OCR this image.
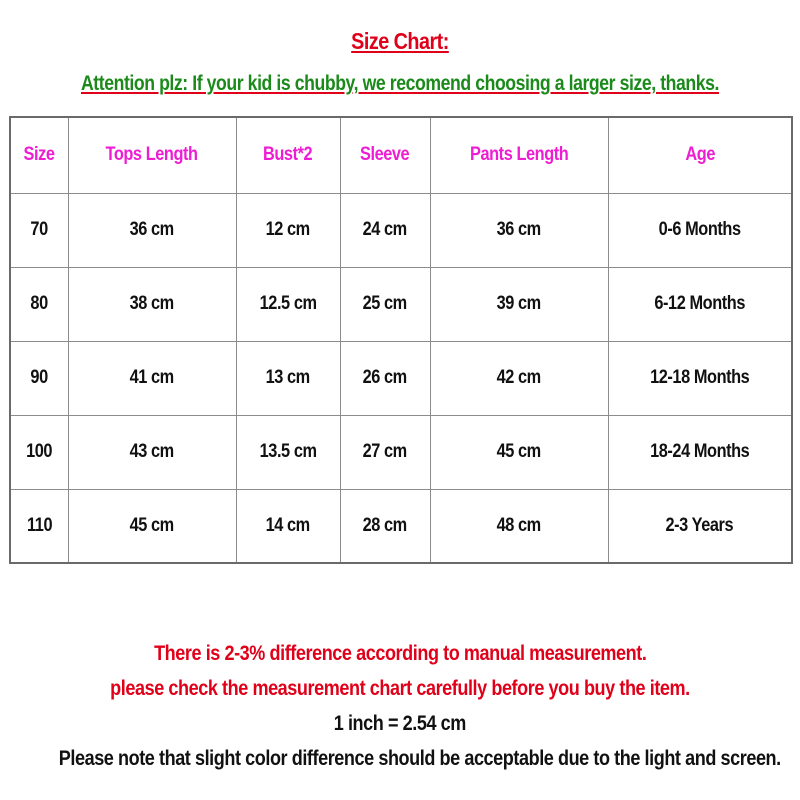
Size Chart:
Attention plz: If your kid is chubby, we recomend choosing a larger size, thanks.
Size	Tops Length	Bust*2	Sleeve	Pants Length	Age
70	36 cm	12 cm	24 cm	36 cm	0-6 Months
80	38 cm	12.5 cm	25 cm	39 cm	6-12 Months
90	41 cm	13 cm	26 cm	42 cm	12-18 Months
100	43 cm	13.5 cm	27 cm	45 cm	18-24 Months
110	45 cm	14 cm	28 cm	48 cm	2-3 Years
There is 2-3% difference according to manual measurement.
please check the measurement chart carefully before you buy the item.
1 inch = 2.54 cm
Please note that slight color difference should be acceptable due to the light and screen.
